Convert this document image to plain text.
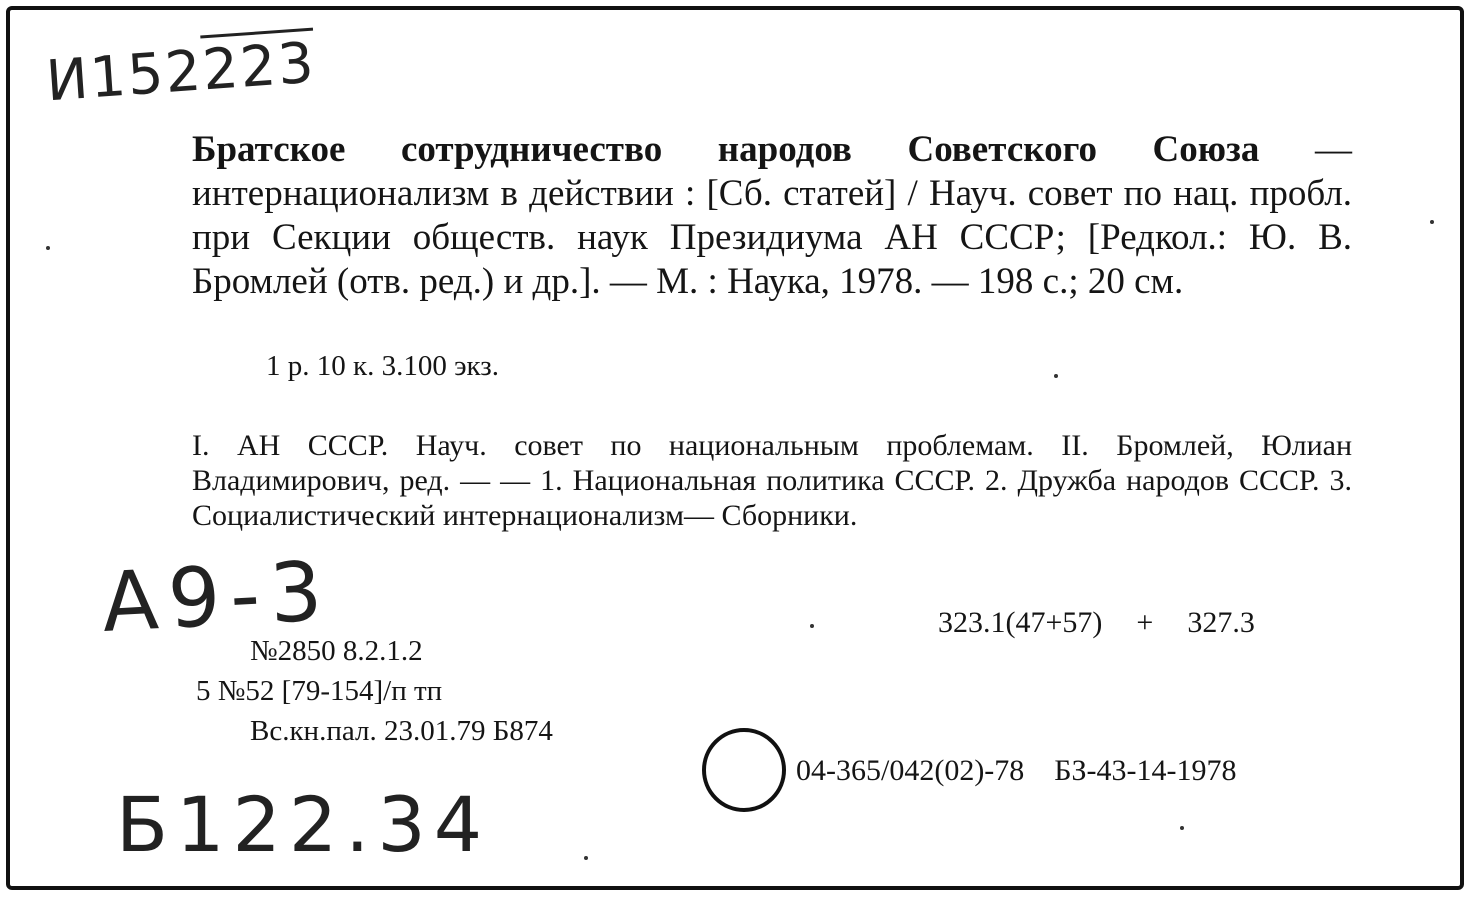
И152223
Братское сотрудничество народов Советского Союза — интернационализм в действии : [Сб. статей] / Науч. совет по нац. пробл. при Секции обществ. наук Президиума АН СССР; [Редкол.: Ю. В. Бромлей (отв. ред.) и др.]. — М. : Наука, 1978. — 198 с.; 20 см.
1 р. 10 к. 3.100 экз.
I. АН СССР. Науч. совет по национальным проблемам. II. Бромлей, Юлиан Владимирович, ред. — — 1. Национальная политика СССР. 2. Дружба народов СССР. 3. Социалистический интернационализм— Сборники.
А9-3	323.1(47+57) + 327.3
№2850 8.2.1.2
5 №52 [79-154]/п тп
Вс.кн.пал. 23.01.79 Б874
04-365/042(02)-78 БЗ-43-14-1978
Б122.34
